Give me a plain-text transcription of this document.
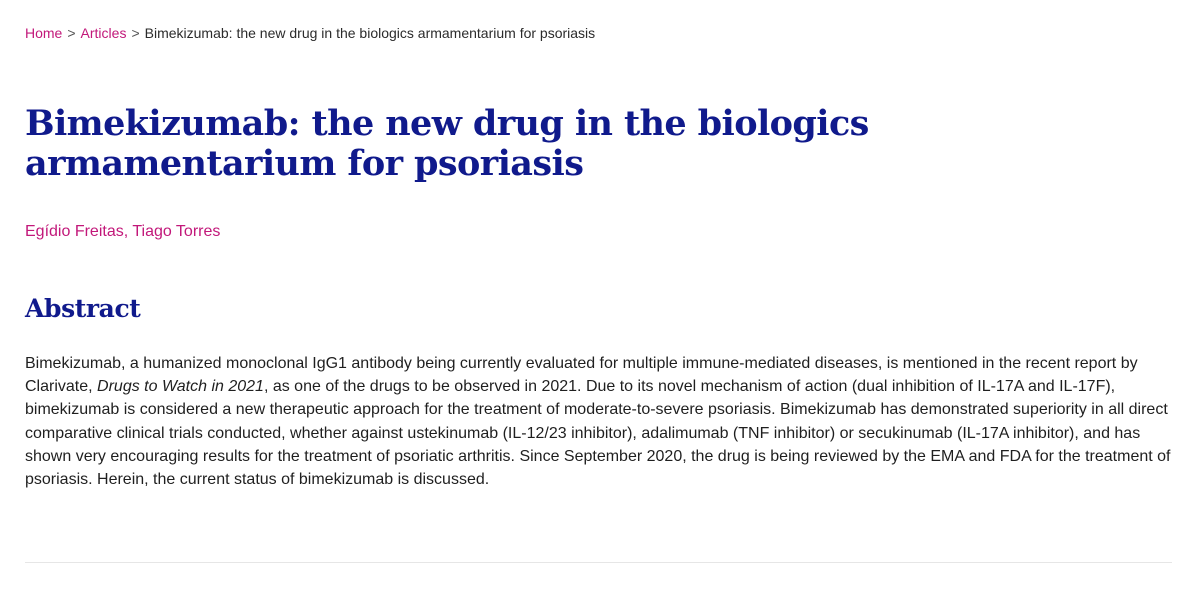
Home > Articles > Bimekizumab: the new drug in the biologics armamentarium for psoriasis
Bimekizumab: the new drug in the biologics armamentarium for psoriasis
Egídio Freitas, Tiago Torres
Abstract

Bimekizumab, a humanized monoclonal IgG1 antibody being currently evaluated for multiple immune-mediated diseases, is mentioned in the recent report by Clarivate, Drugs to Watch in 2021, as one of the drugs to be observed in 2021. Due to its novel mechanism of action (dual inhibition of IL-17A and IL-17F), bimekizumab is considered a new therapeutic approach for the treatment of moderate-to-severe psoriasis. Bimekizumab has demonstrated superiority in all direct comparative clinical trials conducted, whether against ustekinumab (IL-12/23 inhibitor), adalimumab (TNF inhibitor) or secukinumab (IL-17A inhibitor), and has shown very encouraging results for the treatment of psoriatic arthritis. Since September 2020, the drug is being reviewed by the EMA and FDA for the treatment of psoriasis. Herein, the current status of bimekizumab is discussed.
